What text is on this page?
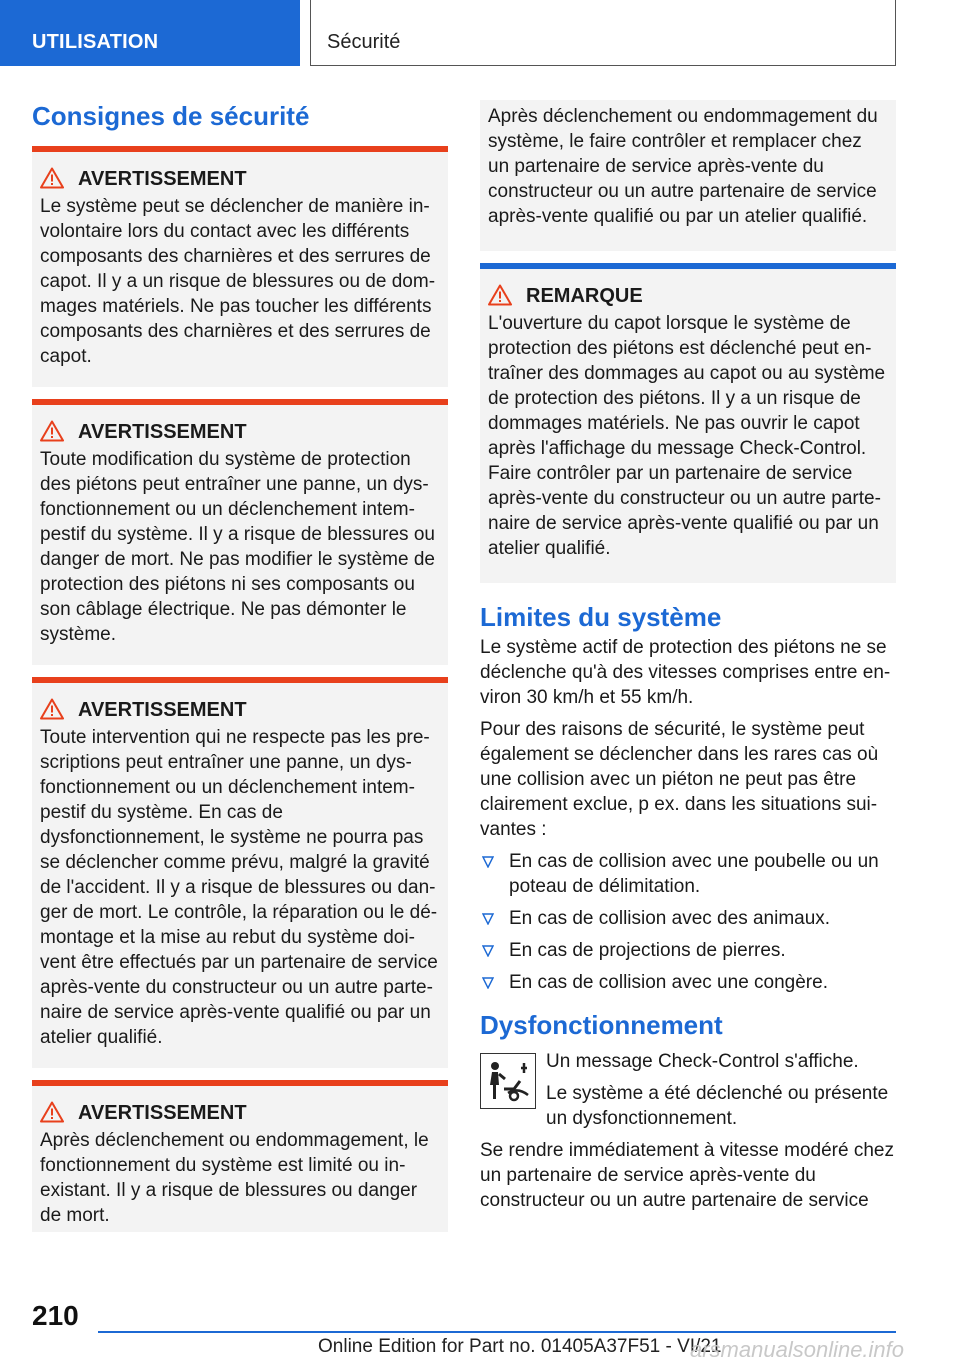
UTILISATION	Sécurité
Consignes de sécurité
AVERTISSEMENT
Le système peut se déclencher de manière involontaire lors du contact avec les différents composants des charnières et des serrures de capot. Il y a un risque de blessures ou de dommages matériels. Ne pas toucher les différents composants des charnières et des serrures de capot.
AVERTISSEMENT
Toute modification du système de protection des piétons peut entraîner une panne, un dysfonctionnement ou un déclenchement intempestif du système. Il y a risque de blessures ou danger de mort. Ne pas modifier le système de protection des piétons ni ses composants ou son câblage électrique. Ne pas démonter le système.
AVERTISSEMENT
Toute intervention qui ne respecte pas les prescriptions peut entraîner une panne, un dysfonctionnement ou un déclenchement intempestif du système. En cas de dysfonctionnement, le système ne pourra pas se déclencher comme prévu, malgré la gravité de l'accident. Il y a risque de blessures ou danger de mort. Le contrôle, la réparation ou le démontage et la mise au rebut du système doivent être effectués par un partenaire de service après-vente du constructeur ou un autre partenaire de service après-vente qualifié ou par un atelier qualifié.
AVERTISSEMENT
Après déclenchement ou endommagement, le fonctionnement du système est limité ou inexistant. Il y a risque de blessures ou danger de mort.
Après déclenchement ou endommagement du système, le faire contrôler et remplacer chez un partenaire de service après-vente du constructeur ou un autre partenaire de service après-vente qualifié ou par un atelier qualifié.
REMARQUE
L'ouverture du capot lorsque le système de protection des piétons est déclenché peut entraîner des dommages au capot ou au système de protection des piétons. Il y a un risque de dommages matériels. Ne pas ouvrir le capot après l'affichage du message Check-Control. Faire contrôler par un partenaire de service après-vente du constructeur ou un autre partenaire de service après-vente qualifié ou par un atelier qualifié.
Limites du système

Le système actif de protection des piétons ne se déclenche qu'à des vitesses comprises entre environ 30 km/h et 55 km/h.

Pour des raisons de sécurité, le système peut également se déclencher dans les rares cas où une collision avec un piéton ne peut pas être clairement exclue, p ex. dans les situations suivantes :

En cas de collision avec une poubelle ou un poteau de délimitation.
En cas de collision avec des animaux.
En cas de projections de pierres.
En cas de collision avec une congère.
Dysfonctionnement

Un message Check-Control s'affiche.

Le système a été déclenché ou présente un dysfonctionnement.

Se rendre immédiatement à vitesse modéré chez un partenaire de service après-vente du constructeur ou un autre partenaire de service

210
Online Edition for Part no. 01405A37F51 - VI/21
arsmanualsonline.info
